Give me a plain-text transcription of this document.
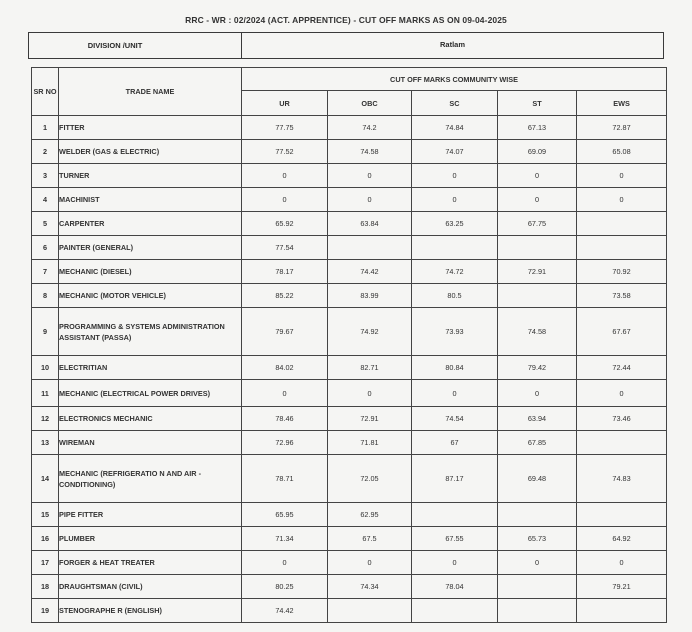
RRC - WR : 02/2024 (ACT. APPRENTICE) - CUT OFF MARKS AS ON 09-04-2025
DIVISION /UNIT	Ratlam
SR NO	TRADE NAME	CUT OFF MARKS COMMUNITY WISE				
		UR	OBC	SC	ST	EWS
1	FITTER	77.75	74.2	74.84	67.13	72.87
2	WELDER (GAS & ELECTRIC)	77.52	74.58	74.07	69.09	65.08
3	TURNER	0	0	0	0	0
4	MACHINIST	0	0	0	0	0
5	CARPENTER	65.92	63.84	63.25	67.75	
6	PAINTER (GENERAL)	77.54				
7	MECHANIC (DIESEL)	78.17	74.42	74.72	72.91	70.92
8	MECHANIC (MOTOR VEHICLE)	85.22	83.99	80.5		73.58
9	PROGRAMMING & SYSTEMS ADMINISTRATION ASSISTANT (PASSA)	79.67	74.92	73.93	74.58	67.67
10	ELECTRITIAN	84.02	82.71	80.84	79.42	72.44
11	MECHANIC (ELECTRICAL POWER DRIVES)	0	0	0	0	0
12	ELECTRONICS MECHANIC	78.46	72.91	74.54	63.94	73.46
13	WIREMAN	72.96	71.81	67	67.85	
14	MECHANIC (REFRIGERATIO N AND AIR - CONDITIONING)	78.71	72.05	87.17	69.48	74.83
15	PIPE FITTER	65.95	62.95			
16	PLUMBER	71.34	67.5	67.55	65.73	64.92
17	FORGER & HEAT TREATER	0	0	0	0	0
18	DRAUGHTSMAN (CIVIL)	80.25	74.34	78.04		79.21
19	STENOGRAPHE R (ENGLISH)	74.42				
